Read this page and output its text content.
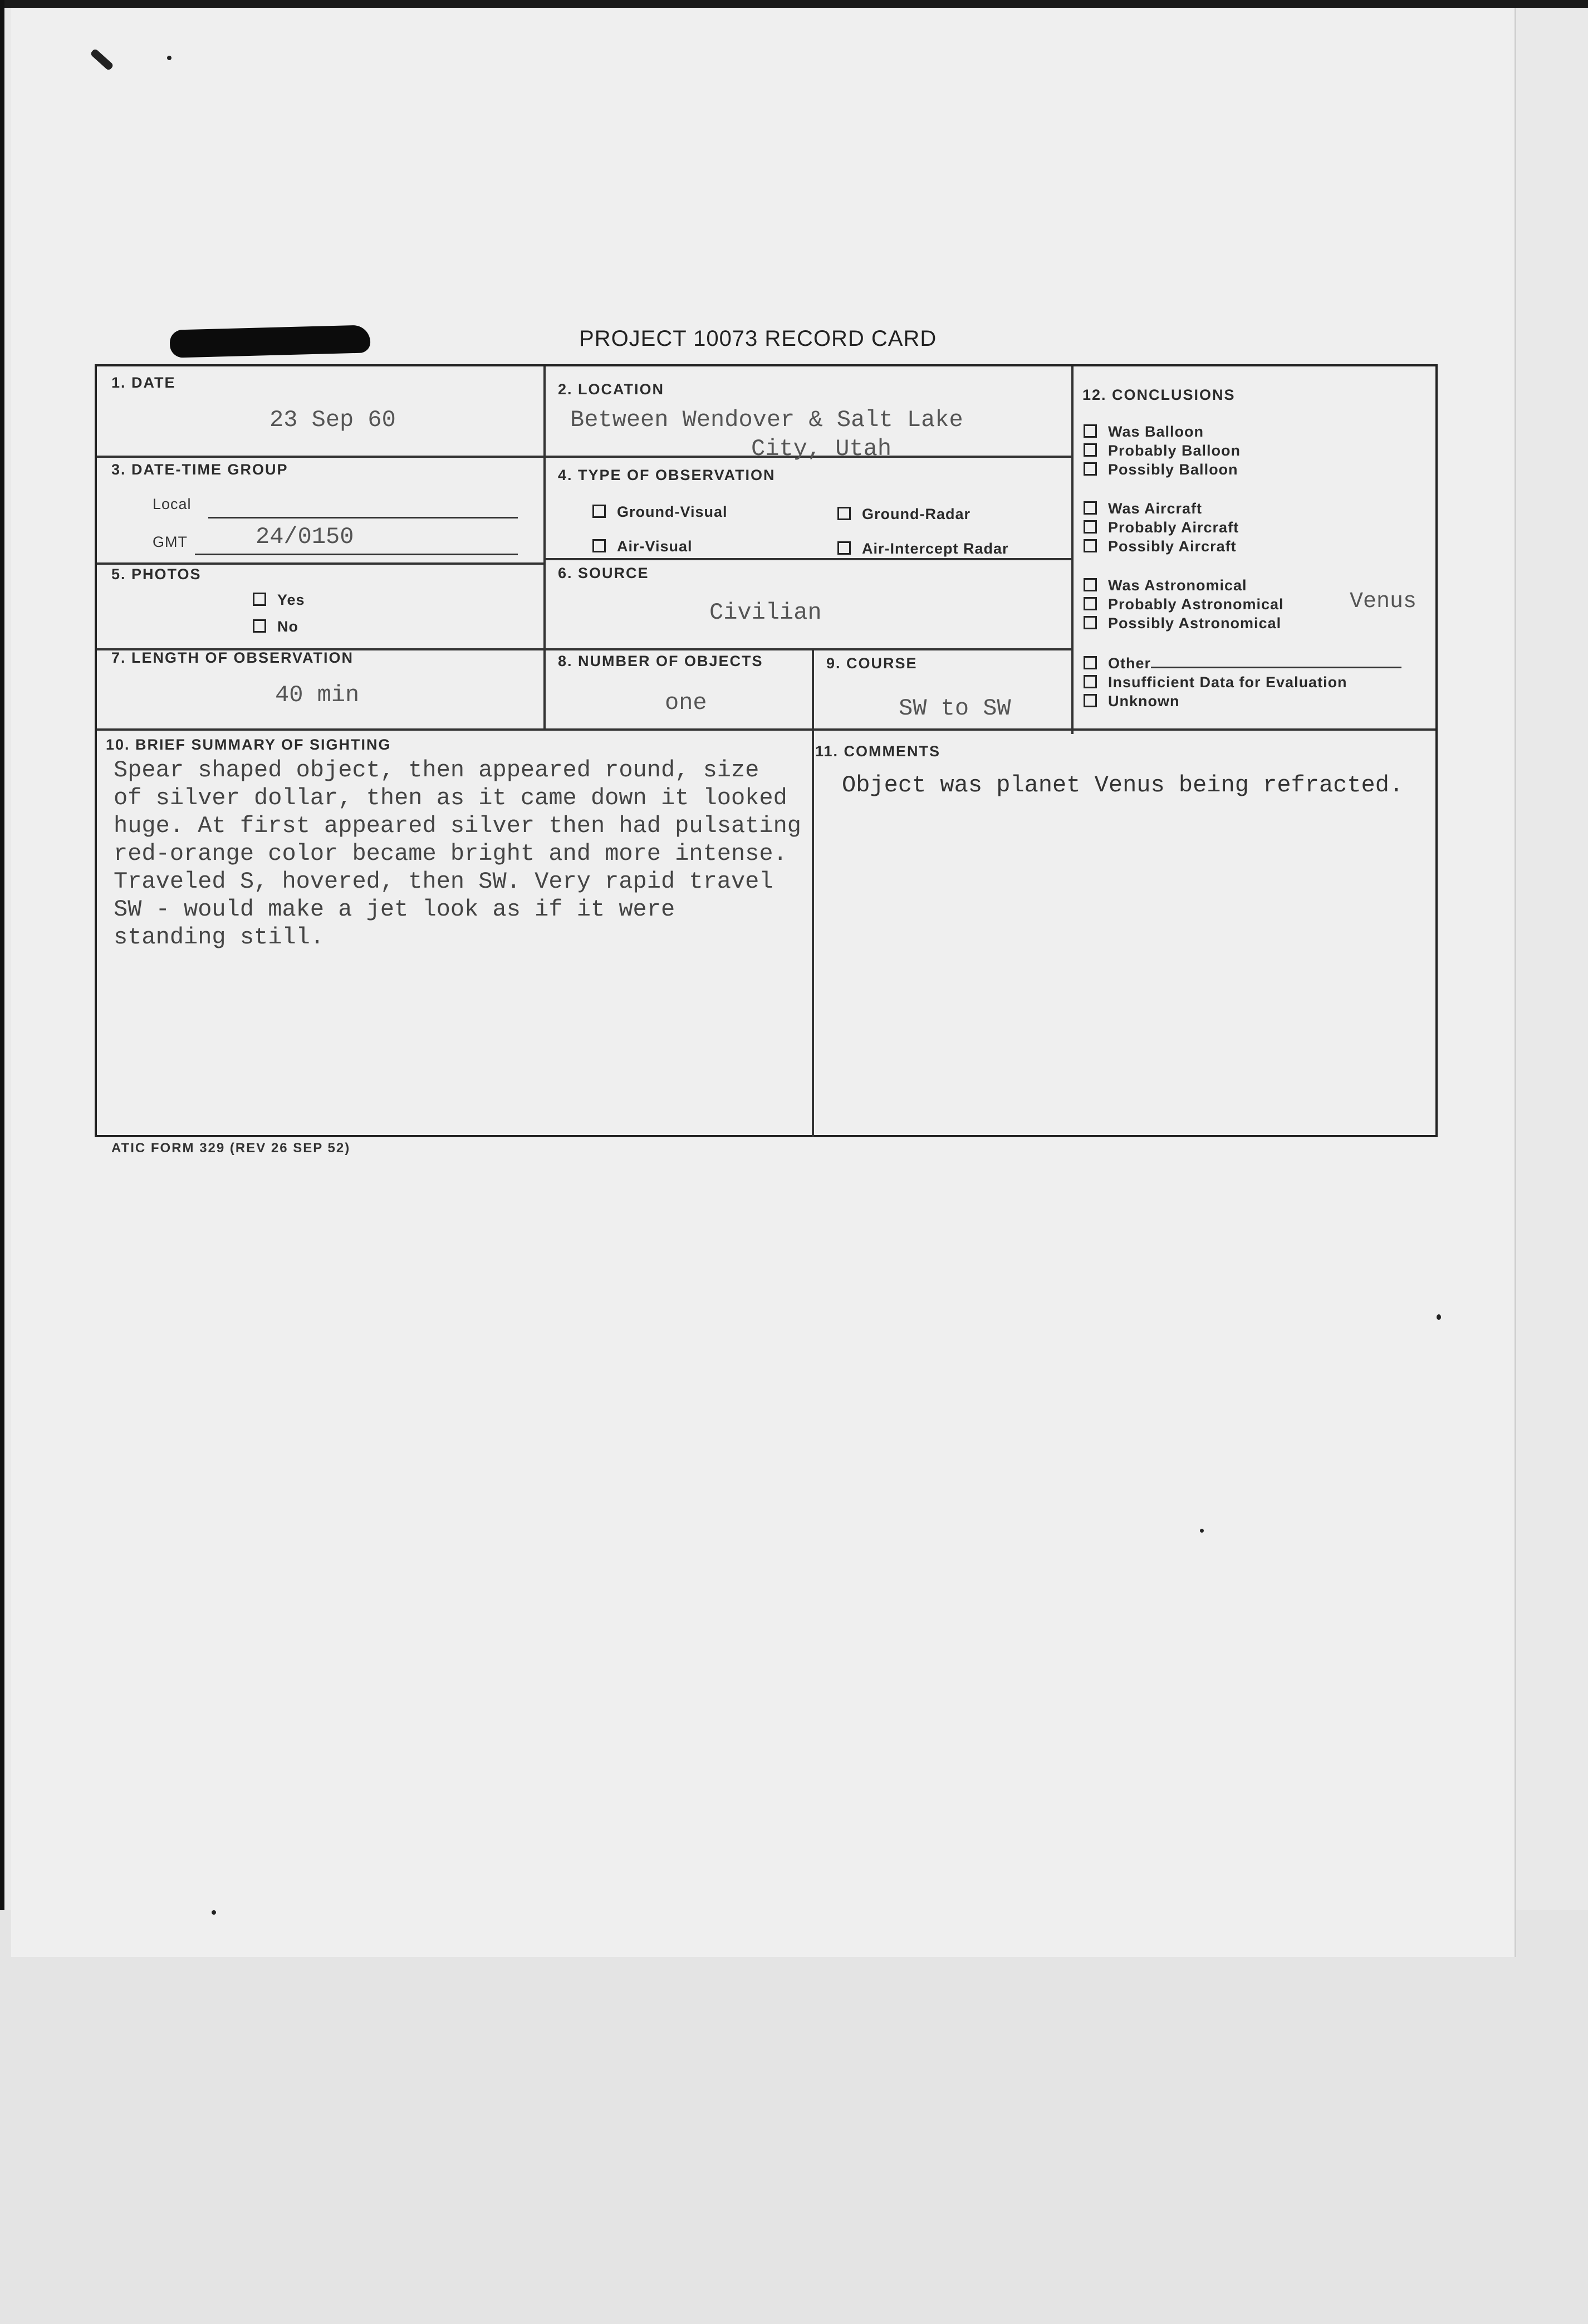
PROJECT 10073 RECORD CARD
1. DATE
23 Sep 60
2. LOCATION
Between Wendover & Salt Lake
City, Utah
3. DATE-TIME GROUP
Local
GMT	24/0150
4. TYPE OF OBSERVATION
Ground-Visual	Ground-Radar
Air-Visual	Air-Intercept Radar
5. PHOTOS
Yes
No
6. SOURCE
Civilian
7. LENGTH OF OBSERVATION
40 min
8. NUMBER OF OBJECTS
one
9. COURSE
SW to SW
10. BRIEF SUMMARY OF SIGHTING
Spear shaped object, then appeared round, size
of silver dollar, then as it came down it looked
huge. At first appeared silver then had pulsating
red-orange color became bright and more intense.
Traveled S, hovered, then SW. Very rapid travel
SW - would make a jet look as if it were
standing still.
11. COMMENTS
Object was planet Venus being refracted.
12. CONCLUSIONS
Was Balloon
Probably Balloon
Possibly Balloon
Was Aircraft
Probably Aircraft
Possibly Aircraft
Was Astronomical
Probably Astronomical	Venus
Possibly Astronomical
Other
Insufficient Data for Evaluation
Unknown
ATIC FORM 329 (REV 26 SEP 52)
